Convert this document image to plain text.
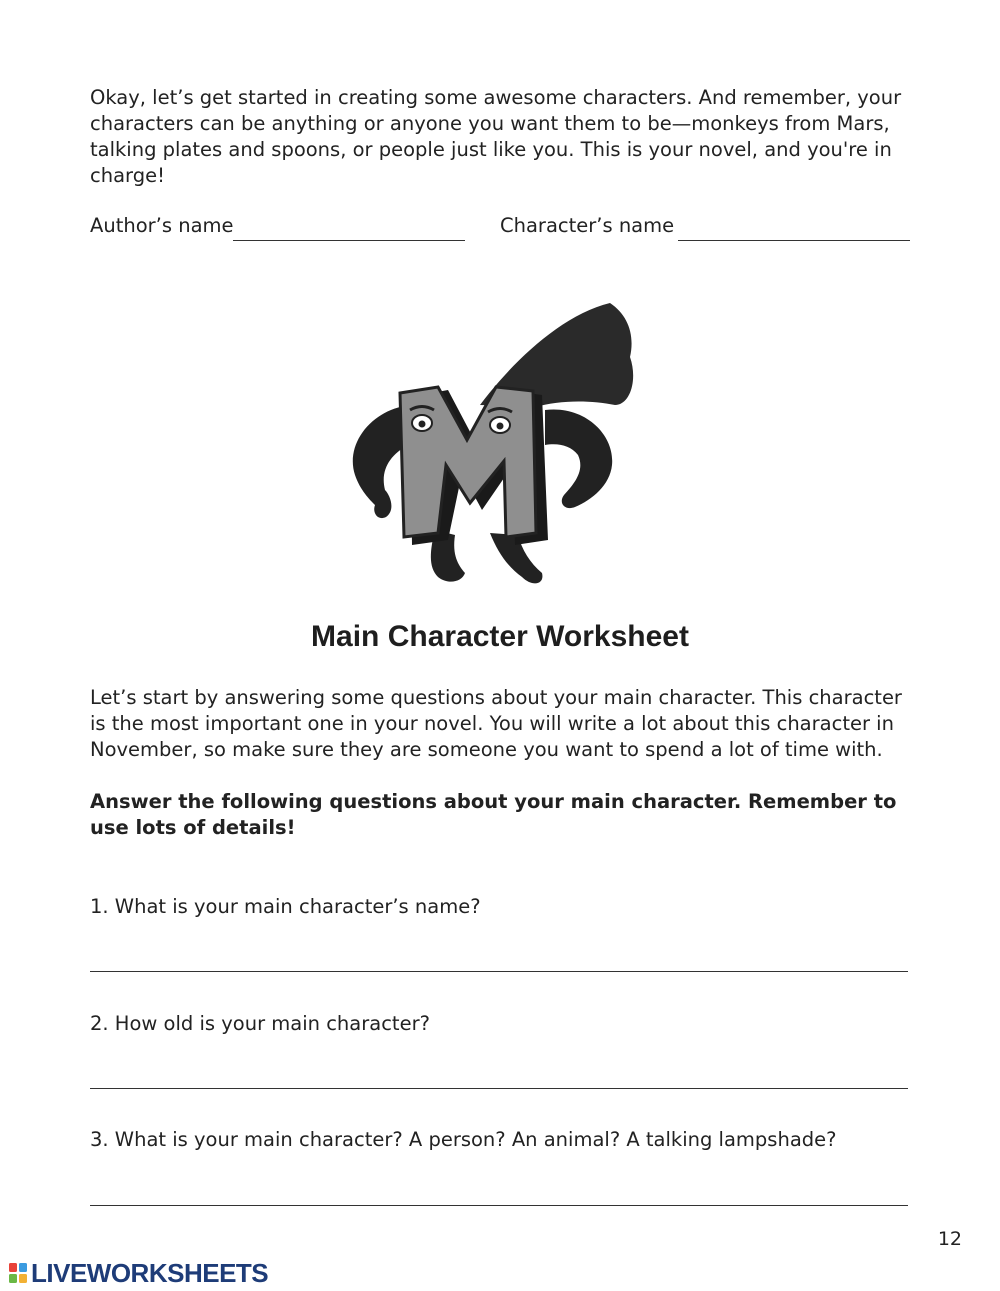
Okay, let’s get started in creating some awesome characters. And remember, your characters can be anything or anyone you want them to be—monkeys from Mars, talking plates and spoons, or people just like you. This is your novel, and you're in charge!

Author’s name	Character’s name
Main Character Worksheet

Let’s start by answering some questions about your main character. This character is the most important one in your novel. You will write a lot about this character in November, so make sure they are someone you want to spend a lot of time with.

Answer the following questions about your main character. Remember to use lots of details!

1. What is your main character’s name?

2. How old is your main character?

3. What is your main character? A person? An animal? A talking lampshade?

12
LIVEWORKSHEETS
